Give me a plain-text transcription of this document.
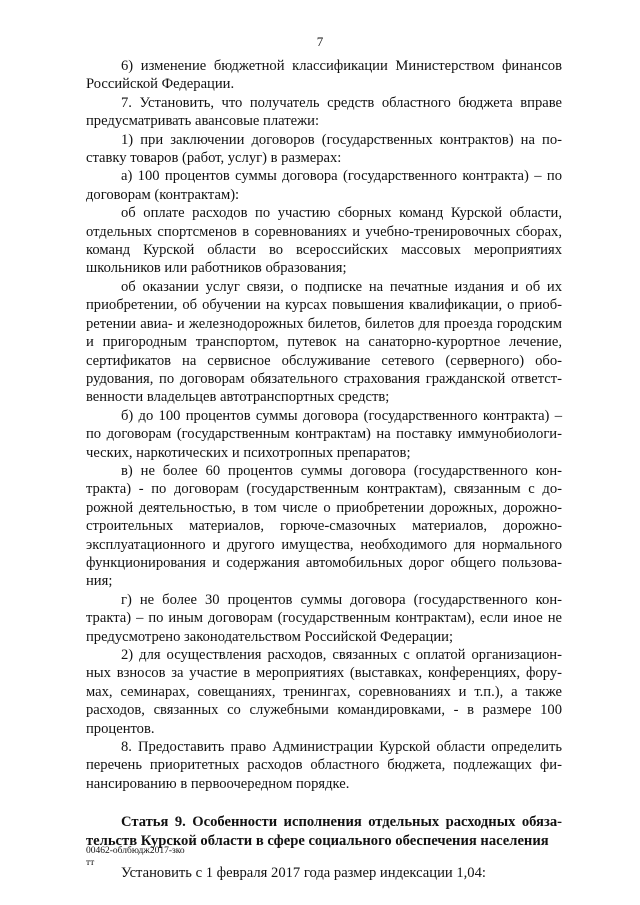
7

6) изменение бюджетной классификации Министерством финансов Российской Федерации.

7. Установить, что получатель средств областного бюджета вправе предусматривать авансовые платежи:

1) при заключении договоров (государственных контрактов) на поставку товаров (работ, услуг) в размерах:

а) 100 процентов суммы договора (государственного контракта) – по договорам (контрактам):

об оплате расходов по участию сборных команд Курской области, отдельных спортсменов в соревнованиях и учебно-тренировочных сборах, команд Курской области во всероссийских массовых мероприятиях школьников или работников образования;

об оказании услуг связи, о подписке на печатные издания и об их приобретении, об обучении на курсах повышения квалификации, о приобретении авиа- и железнодорожных билетов, билетов для проезда городским и пригородным транспортом, путевок на санаторно-курортное лечение, сертификатов на сервисное обслуживание сетевого (серверного) оборудования, по договорам обязательного страхования гражданской ответственности владельцев автотранспортных средств;

б) до 100 процентов суммы договора (государственного контракта) – по договорам (государственным контрактам) на поставку иммунобиологических, наркотических и психотропных препаратов;

в) не более 60 процентов суммы договора (государственного контракта) - по договорам (государственным контрактам), связанным с дорожной деятельностью, в том числе о приобретении дорожных, дорожно-строительных материалов, горюче-смазочных материалов, дорожно-эксплуатационного и другого имущества, необходимого для нормального функционирования и содержания автомобильных дорог общего пользования;

г) не более 30 процентов суммы договора (государственного контракта) – по иным договорам (государственным контрактам), если иное не предусмотрено законодательством Российской Федерации;

2) для осуществления расходов, связанных с оплатой организационных взносов за участие в мероприятиях (выставках, конференциях, форумах, семинарах, совещаниях, тренингах, соревнованиях и т.п.), а также расходов, связанных со служебными командировками, - в размере 100 процентов.

8. Предоставить право Администрации Курской области определить перечень приоритетных расходов областного бюджета, подлежащих финансированию в первоочередном порядке.

Статья 9. Особенности исполнения отдельных расходных обязательств Курской области в сфере социального обеспечения населения

Установить с 1 февраля 2017 года размер индексации 1,04:

00462-облбюдж2017-зко
тт
